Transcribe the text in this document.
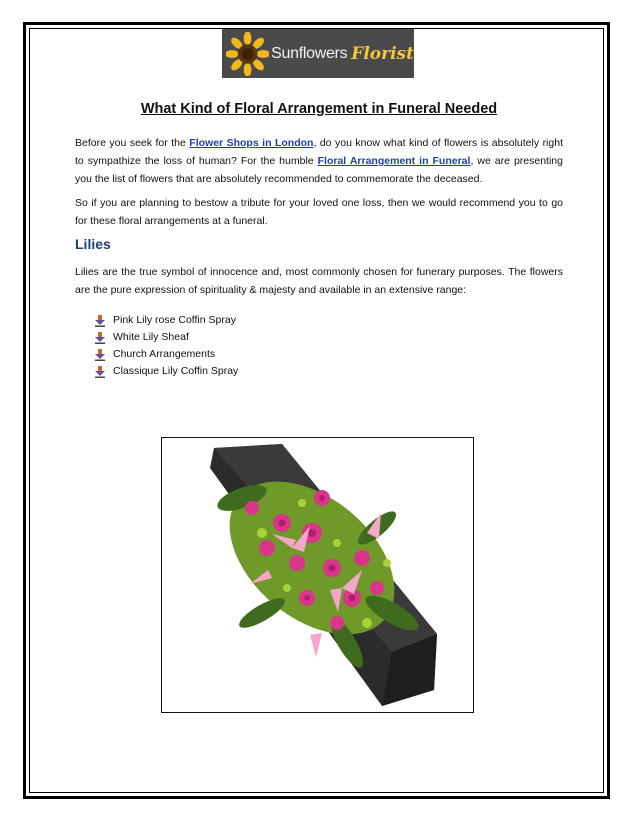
Sunflowers Florist
What Kind of Floral Arrangement in Funeral Needed
Before you seek for the Flower Shops in London, do you know what kind of flowers is absolutely right to sympathize the loss of human? For the humble Floral Arrangement in Funeral, we are presenting you the list of flowers that are absolutely recommended to commemorate the deceased.
So if you are planning to bestow a tribute for your loved one loss, then we would recommend you to go for these floral arrangements at a funeral.
Lilies
Lilies are the true symbol of innocence and, most commonly chosen for funerary purposes. The flowers are the pure expression of spirituality & majesty and available in an extensive range:
Pink Lily rose Coffin Spray
White Lily Sheaf
Church Arrangements
Classique Lily Coffin Spray
